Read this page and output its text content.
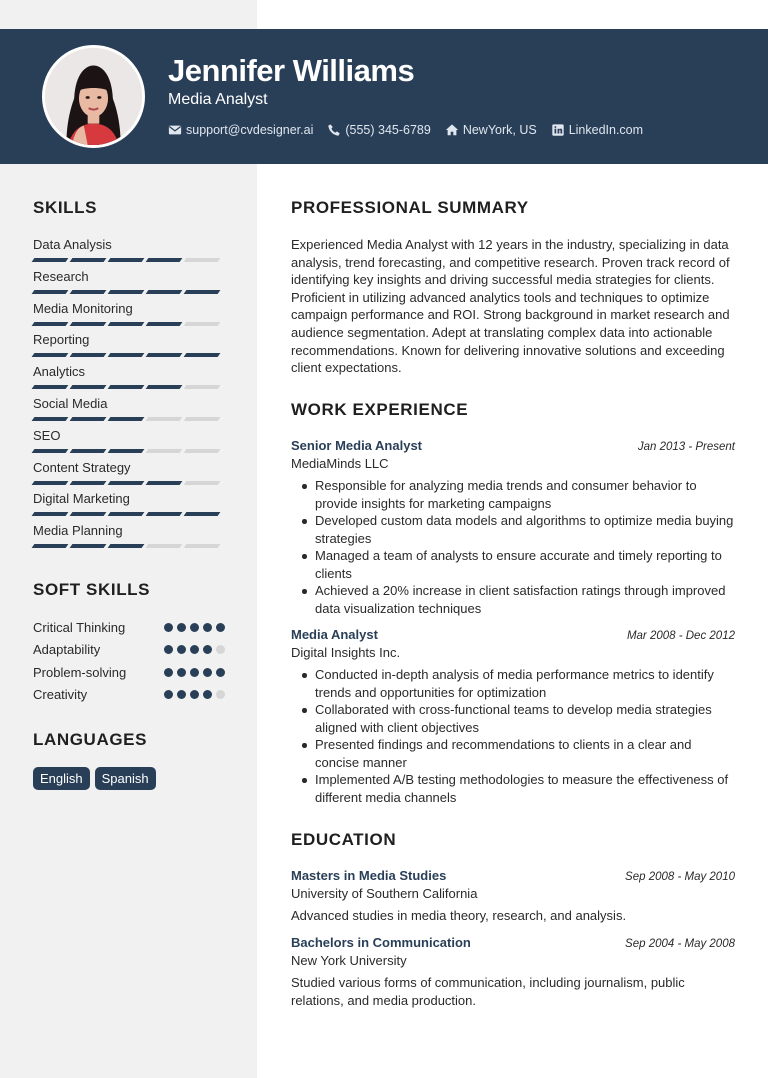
Jennifer Williams
Media Analyst
support@cvdesigner.ai	(555) 345-6789	NewYork, US	LinkedIn.com
SKILLS
Data Analysis
Research
Media Monitoring
Reporting
Analytics
Social Media
SEO
Content Strategy
Digital Marketing
Media Planning
SOFT SKILLS
Critical Thinking
Adaptability
Problem-solving
Creativity
LANGUAGES
English	Spanish
PROFESSIONAL SUMMARY
Experienced Media Analyst with 12 years in the industry, specializing in data analysis, trend forecasting, and competitive research. Proven track record of identifying key insights and driving successful media strategies for clients. Proficient in utilizing advanced analytics tools and techniques to optimize campaign performance and ROI. Strong background in market research and audience segmentation. Adept at translating complex data into actionable recommendations. Known for delivering innovative solutions and exceeding client expectations.
WORK EXPERIENCE
Senior Media Analyst	Jan 2013 - Present
MediaMinds LLC
Responsible for analyzing media trends and consumer behavior to provide insights for marketing campaigns
Developed custom data models and algorithms to optimize media buying strategies
Managed a team of analysts to ensure accurate and timely reporting to clients
Achieved a 20% increase in client satisfaction ratings through improved data visualization techniques
Media Analyst	Mar 2008 - Dec 2012
Digital Insights Inc.
Conducted in-depth analysis of media performance metrics to identify trends and opportunities for optimization
Collaborated with cross-functional teams to develop media strategies aligned with client objectives
Presented findings and recommendations to clients in a clear and concise manner
Implemented A/B testing methodologies to measure the effectiveness of different media channels
EDUCATION
Masters in Media Studies	Sep 2008 - May 2010
University of Southern California
Advanced studies in media theory, research, and analysis.
Bachelors in Communication	Sep 2004 - May 2008
New York University
Studied various forms of communication, including journalism, public relations, and media production.
